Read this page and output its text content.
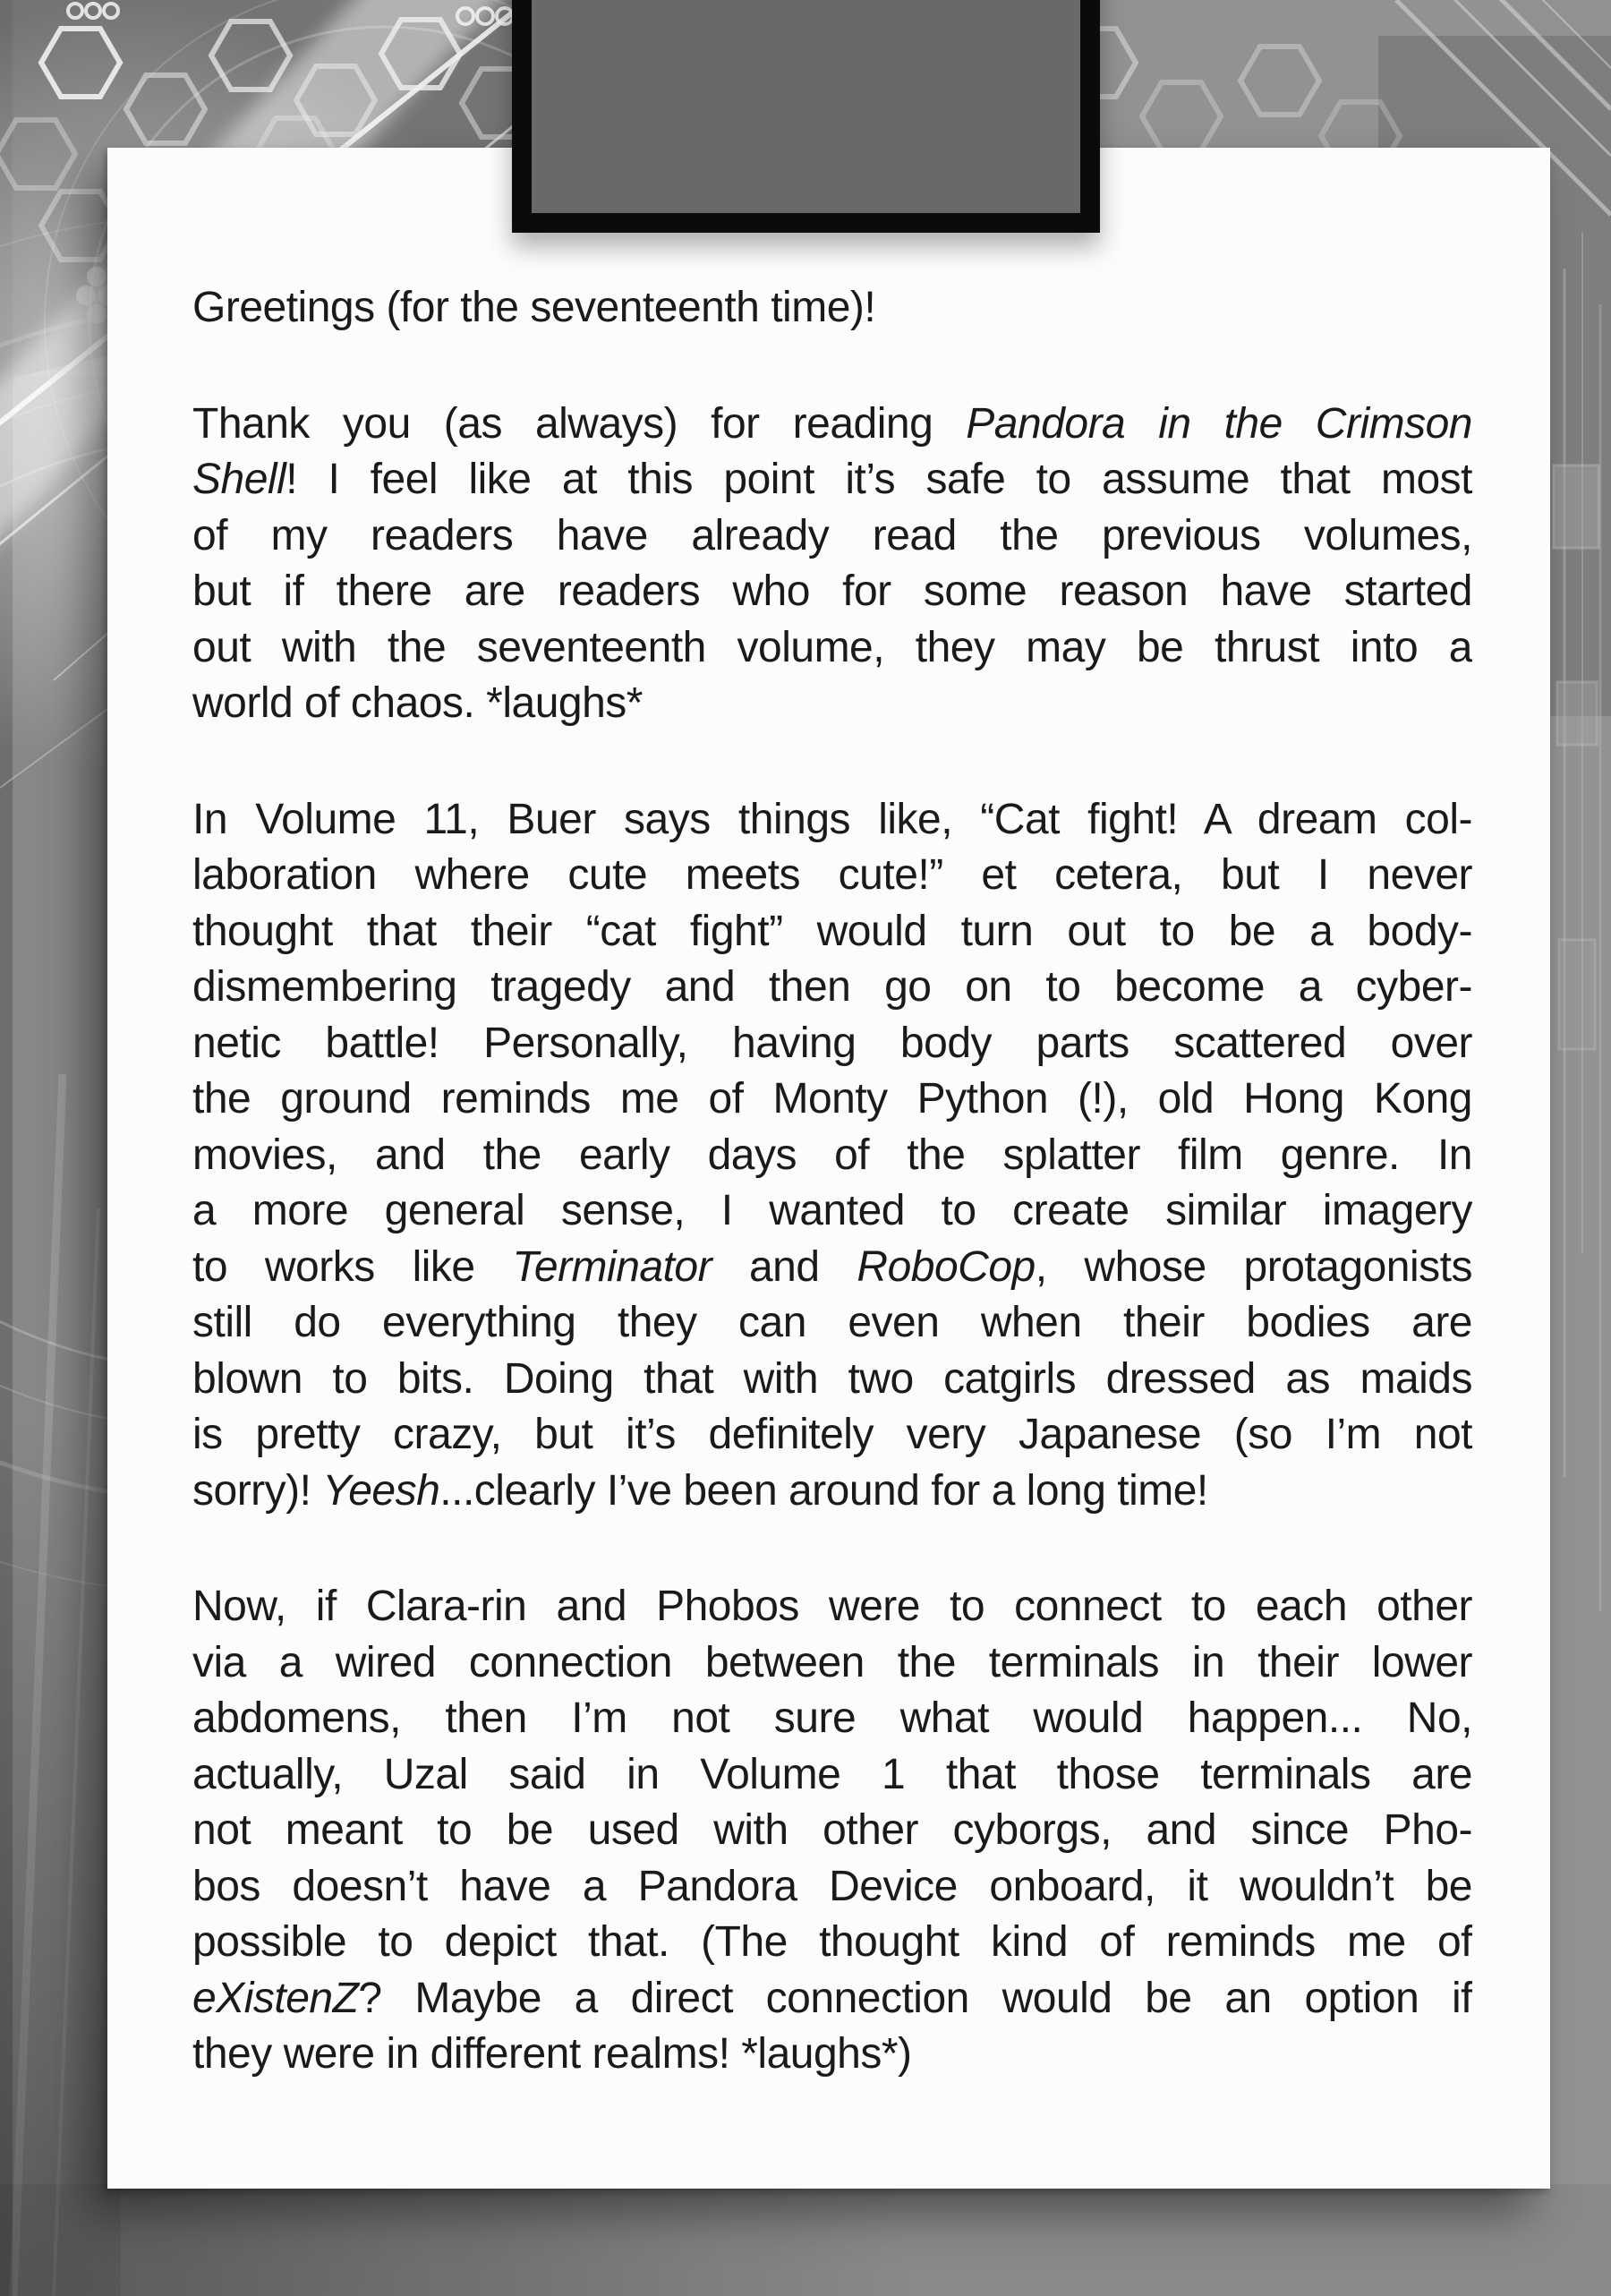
Greetings (for the seventeenth time)!
Thank you (as always) for reading Pandora in the Crimson
Shell! I feel like at this point it’s safe to assume that most
of my readers have already read the previous volumes,
but if there are readers who for some reason have started
out with the seventeenth volume, they may be thrust into a
world of chaos. *laughs*
In Volume 11, Buer says things like, “Cat fight! A dream col-
laboration where cute meets cute!” et cetera, but I never
thought that their “cat fight” would turn out to be a body-
dismembering tragedy and then go on to become a cyber-
netic battle! Personally, having body parts scattered over
the ground reminds me of Monty Python (!), old Hong Kong
movies, and the early days of the splatter film genre. In
a more general sense, I wanted to create similar imagery
to works like Terminator and RoboCop, whose protagonists
still do everything they can even when their bodies are
blown to bits. Doing that with two catgirls dressed as maids
is pretty crazy, but it’s definitely very Japanese (so I’m not
sorry)! Yeesh...clearly I’ve been around for a long time!
Now, if Clara-rin and Phobos were to connect to each other
via a wired connection between the terminals in their lower
abdomens, then I’m not sure what would happen... No,
actually, Uzal said in Volume 1 that those terminals are
not meant to be used with other cyborgs, and since Pho-
bos doesn’t have a Pandora Device onboard, it wouldn’t be
possible to depict that. (The thought kind of reminds me of
eXistenZ? Maybe a direct connection would be an option if
they were in different realms! *laughs*)
